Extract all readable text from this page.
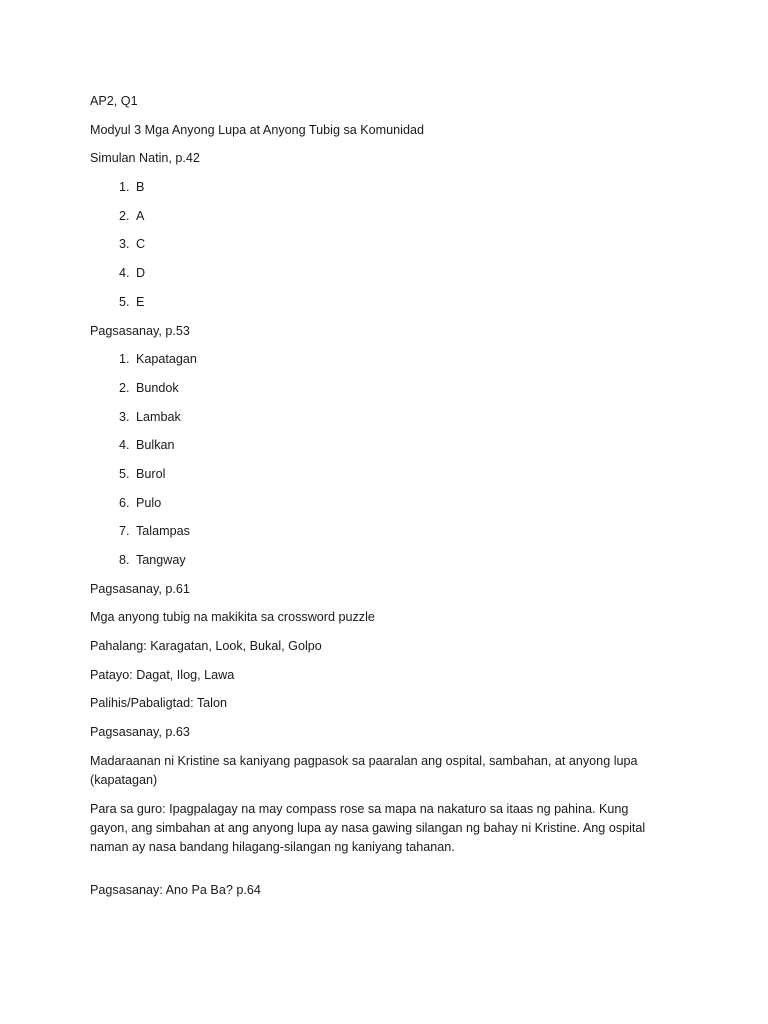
AP2, Q1

Modyul 3 Mga Anyong Lupa at Anyong Tubig sa Komunidad

Simulan Natin, p.42

1 . B
2 . A
3 . C
4 . D
5 . E

Pagsasanay, p.53

1 . Kapatagan
2 . Bundok
3 . Lambak
4 . Bulkan
5 . Burol
6 . Pulo
7 . Talampas
8 . Tangway

Pagsasanay, p.61

Mga anyong tubig na makikita sa crossword puzzle

Pahalang: Karagatan, Look, Bukal, Golpo

Patayo: Dagat, Ilog, Lawa

Palihis/Pabaligtad: Talon

Pagsasanay, p.63

Madaraanan ni Kristine sa kaniyang pagpasok sa paaralan ang ospital, sambahan, at anyong lupa (kapatagan)

Para sa guro: Ipagpalagay na may compass rose sa mapa na nakaturo sa itaas ng pahina. Kung gayon, ang simbahan at ang anyong lupa ay nasa gawing silangan ng bahay ni Kristine. Ang ospital naman ay nasa bandang hilagang-silangan ng kaniyang tahanan.

Pagsasanay: Ano Pa Ba? p.64
